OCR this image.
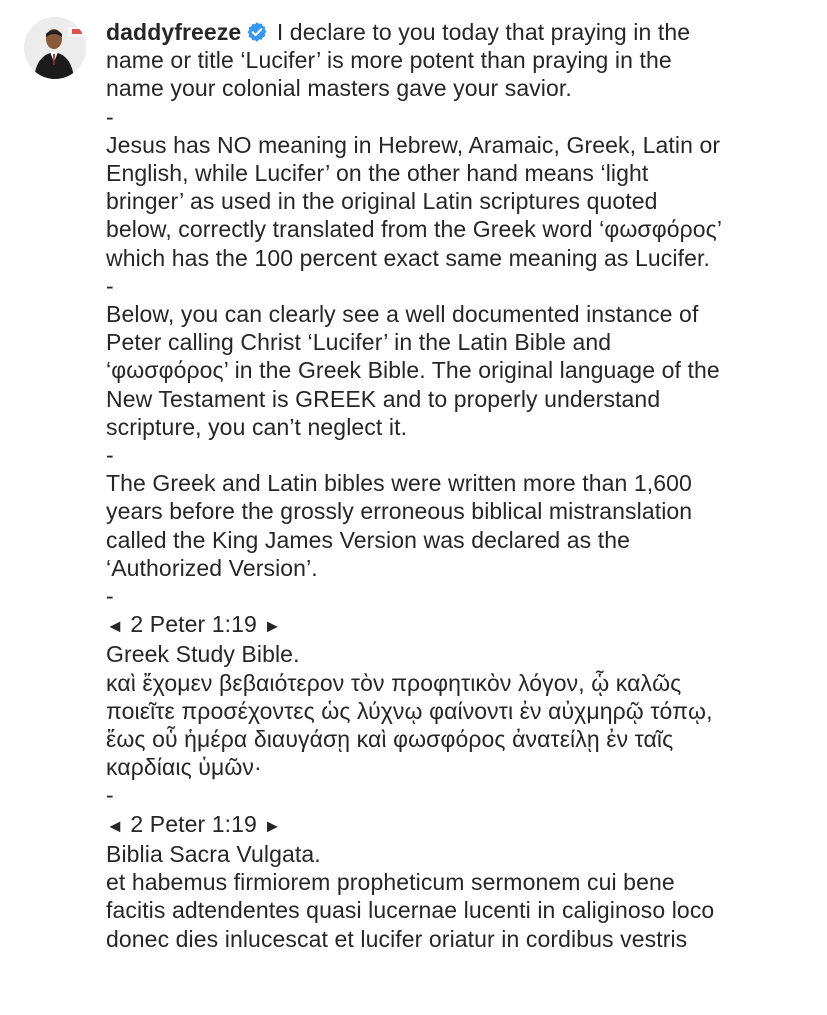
daddyfreeze I declare to you today that praying in the
name or title ‘Lucifer’ is more potent than praying in the
name your colonial masters gave your savior.
-
Jesus has NO meaning in Hebrew, Aramaic, Greek, Latin or
English, while Lucifer’ on the other hand means ‘light
bringer’ as used in the original Latin scriptures quoted
below, correctly translated from the Greek word ‘φωσφόρος’
which has the 100 percent exact same meaning as Lucifer.
-
Below, you can clearly see a well documented instance of
Peter calling Christ ‘Lucifer’ in the Latin Bible and
‘φωσφόρος’ in the Greek Bible. The original language of the
New Testament is GREEK and to properly understand
scripture, you can’t neglect it.
-
The Greek and Latin bibles were written more than 1,600
years before the grossly erroneous biblical mistranslation
called the King James Version was declared as the
‘Authorized Version’.
-
◄ 2 Peter 1:19 ►
Greek Study Bible.
καὶ ἔχομεν βεβαιότερον τὸν προφητικὸν λόγον, ᾧ καλῶς
ποιεῖτε προσέχοντες ὡς λύχνῳ φαίνοντι ἐν αὐχμηρῷ τόπῳ,
ἕως οὗ ἡμέρα διαυγάσῃ καὶ φωσφόρος ἀνατείλῃ ἐν ταῖς
καρδίαις ὑμῶν·
-
◄ 2 Peter 1:19 ►
Biblia Sacra Vulgata.
et habemus firmiorem propheticum sermonem cui bene
facitis adtendentes quasi lucernae lucenti in caliginoso loco
donec dies inlucescat et lucifer oriatur in cordibus vestris
